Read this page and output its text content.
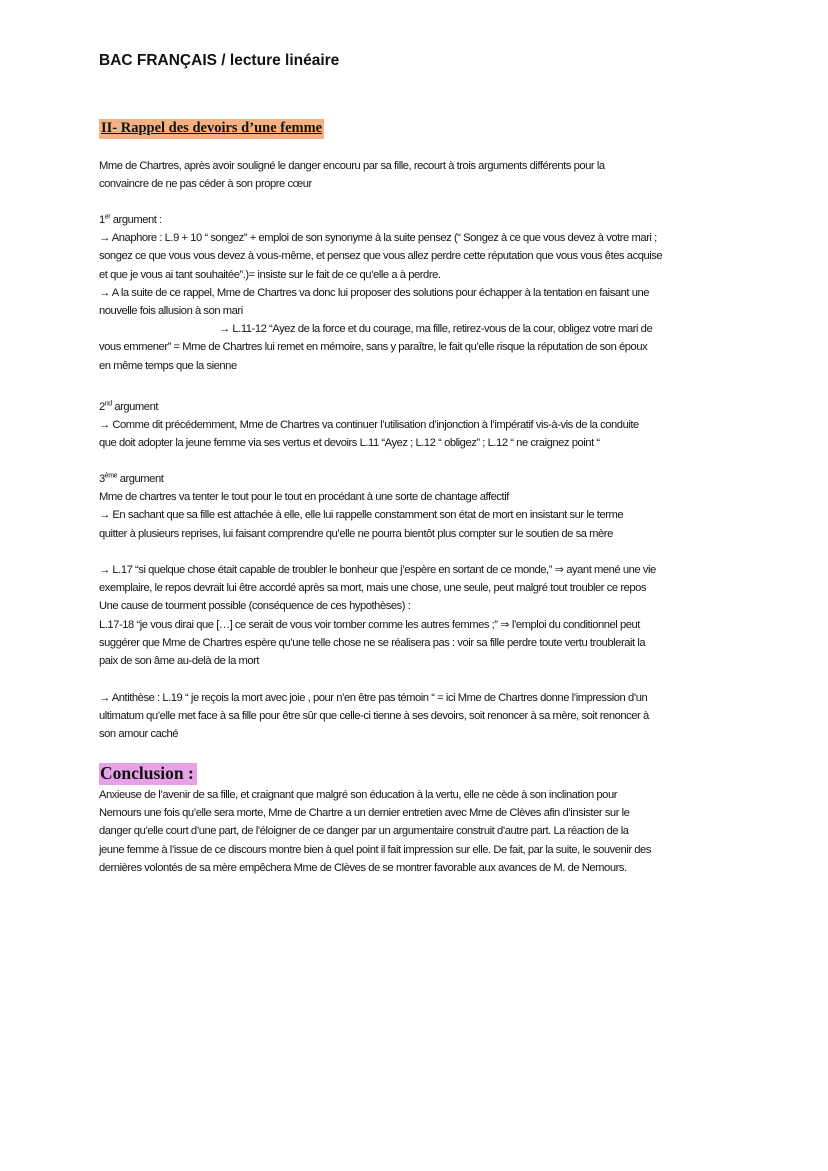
BAC FRANÇAIS / lecture linéaire
II- Rappel des devoirs d’une femme
Mme de Chartres, après avoir souligné le danger encouru par sa fille, recourt à trois arguments différents pour la
convaincre de ne pas céder à son propre cœur
1er argument :
→ Anaphore : L.9 + 10 “ songez” + emploi de son synonyme à la suite pensez (“ Songez à ce que vous devez à votre mari ;
songez ce que vous vous devez à vous-même, et pensez que vous allez perdre cette réputation que vous vous êtes acquise
et que je vous ai tant souhaitée”.)= insiste sur le fait de ce qu’elle a à perdre.
→ A la suite de ce rappel, Mme de Chartres va donc lui proposer des solutions pour échapper à la tentation en faisant une
nouvelle fois allusion à son mari
→ L.11-12 “Ayez de la force et du courage, ma fille, retirez-vous de la cour, obligez votre mari de
vous emmener” = Mme de Chartres lui remet en mémoire, sans y paraître, le fait qu’elle risque la réputation de son époux
en même temps que la sienne
2nd argument
→ Comme dit précédemment, Mme de Chartres va continuer l’utilisation d’injonction à l’impératif vis-à-vis de la conduite
que doit adopter la jeune femme via ses vertus et devoirs L.11 “Ayez ; L.12 “ obligez” ; L.12 “ ne craignez point “
3ème argument
Mme de chartres va tenter le tout pour le tout en procédant à une sorte de chantage affectif
→ En sachant que sa fille est attachée à elle, elle lui rappelle constamment son état de mort en insistant sur le terme
quitter à plusieurs reprises, lui faisant comprendre qu’elle ne pourra bientôt plus compter sur le soutien de sa mère
→ L.17 “si quelque chose était capable de troubler le bonheur que j’espère en sortant de ce monde,” ⇒ ayant mené une vie
exemplaire, le repos devrait lui être accordé après sa mort, mais une chose, une seule, peut malgré tout troubler ce repos
Une cause de tourment possible (conséquence de ces hypothèses) :
L.17-18 “je vous dirai que […] ce serait de vous voir tomber comme les autres femmes ;” ⇒ l’emploi du conditionnel peut
suggérer que Mme de Chartres espère qu’une telle chose ne se réalisera pas : voir sa fille perdre toute vertu troublerait la
paix de son âme au-delà de la mort
→ Antithèse : L.19 “ je reçois la mort avec joie , pour n’en être pas témoin “ = ici Mme de Chartres donne l’impression d’un
ultimatum qu’elle met face à sa fille pour être sûr que celle-ci tienne à ses devoirs, soit renoncer à sa mère, soit renoncer à
son amour caché
Conclusion :
Anxieuse de l’avenir de sa fille, et craignant que malgré son éducation à la vertu, elle ne cède à son inclination pour
Nemours une fois qu’elle sera morte, Mme de Chartre a un dernier entretien avec Mme de Clèves afin d’insister sur le
danger qu’elle court d’une part, de l’éloigner de ce danger par un argumentaire construit d’autre part. La réaction de la
jeune femme à l’issue de ce discours montre bien à quel point il fait impression sur elle. De fait, par la suite, le souvenir des
dernières volontés de sa mère empêchera Mme de Clèves de se montrer favorable aux avances de M. de Nemours.
